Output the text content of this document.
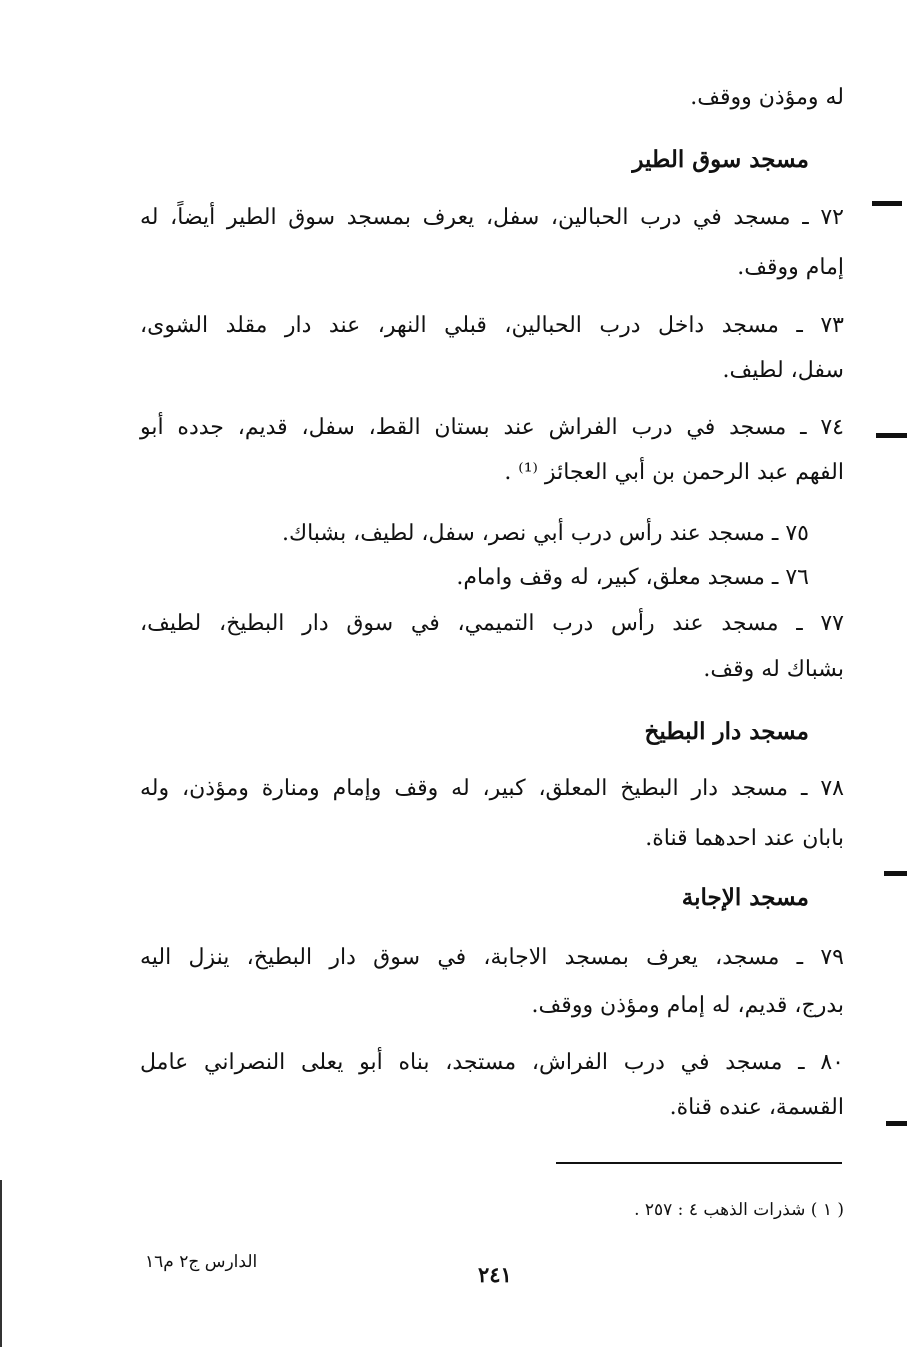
له ومؤذن ووقف.
مسجد سوق الطير
٧٢ ـ مسجد في درب الحبالين، سفل، يعرف بمسجد سوق الطير أيضاً، له
إمام ووقف.
٧٣ ـ مسجد داخل درب الحبالين، قبلي النهر، عند دار مقلد الشوى،
سفل، لطيف.
٧٤ ـ مسجد في درب الفراش عند بستان القط، سفل، قديم، جدده أبو
الفهم عبد الرحمن بن أبي العجائز ⁽¹⁾ .
٧٥ ـ مسجد عند رأس درب أبي نصر، سفل، لطيف، بشباك.
٧٦ ـ مسجد معلق، كبير، له وقف وامام.
٧٧ ـ مسجد عند رأس درب التميمي، في سوق دار البطيخ، لطيف،
بشباك له وقف.
مسجد دار البطيخ
٧٨ ـ مسجد دار البطيخ المعلق، كبير، له وقف وإمام ومنارة ومؤذن، وله
بابان عند احدهما قناة.
مسجد الإجابة
٧٩ ـ مسجد، يعرف بمسجد الاجابة، في سوق دار البطيخ، ينزل اليه
بدرج، قديم، له إمام ومؤذن ووقف.
٨٠ ـ مسجد في درب الفراش، مستجد، بناه أبو يعلى النصراني عامل
القسمة، عنده قناة.
( ١ ) شذرات الذهب ٤ : ٢٥٧ .
الدارس ج٢ م١٦	٢٤١
